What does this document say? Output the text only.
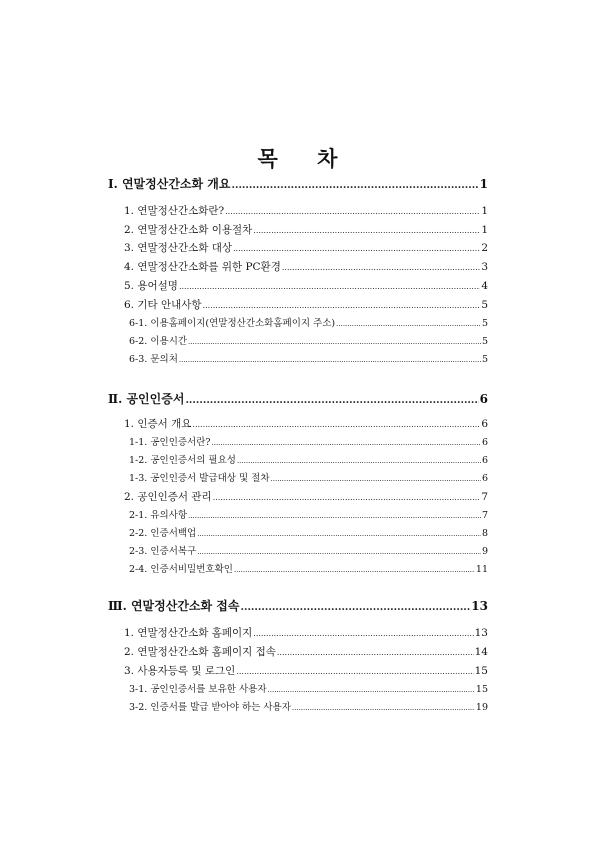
목 차
Ⅰ. 연말정산간소화 개요 .....	1
1. 연말정산간소화란? .....	1
2. 연말정산간소화 이용절차 .....	1
3. 연말정산간소화 대상 .....	2
4. 연말정산간소화를 위한 PC환경 .....	3
5. 용어설명 .....	4
6. 기타 안내사항 .....	5
6-1. 이용홈페이지(연말정산간소화홈페이지 주소) .....	5
6-2. 이용시간 .....	5
6-3. 문의처 .....	5
Ⅱ. 공인인증서 .....	6
1. 인증서 개요 .....	6
1-1. 공인인증서란? .....	6
1-2. 공인인증서의 필요성 .....	6
1-3. 공인인증서 발급대상 및 절차 .....	6
2. 공인인증서 관리 .....	7
2-1. 유의사항 .....	7
2-2. 인증서백업 .....	8
2-3. 인증서복구 .....	9
2-4. 인증서비밀번호확인 .....	11
Ⅲ. 연말정산간소화 접속 .....	13
1. 연말정산간소화 홈페이지 .....	13
2. 연말정산간소화 홈페이지 접속 .....	14
3. 사용자등록 및 로그인 .....	15
3-1. 공인인증서를 보유한 사용자 .....	15
3-2. 인증서를 발급 받아야 하는 사용자 .....	19
